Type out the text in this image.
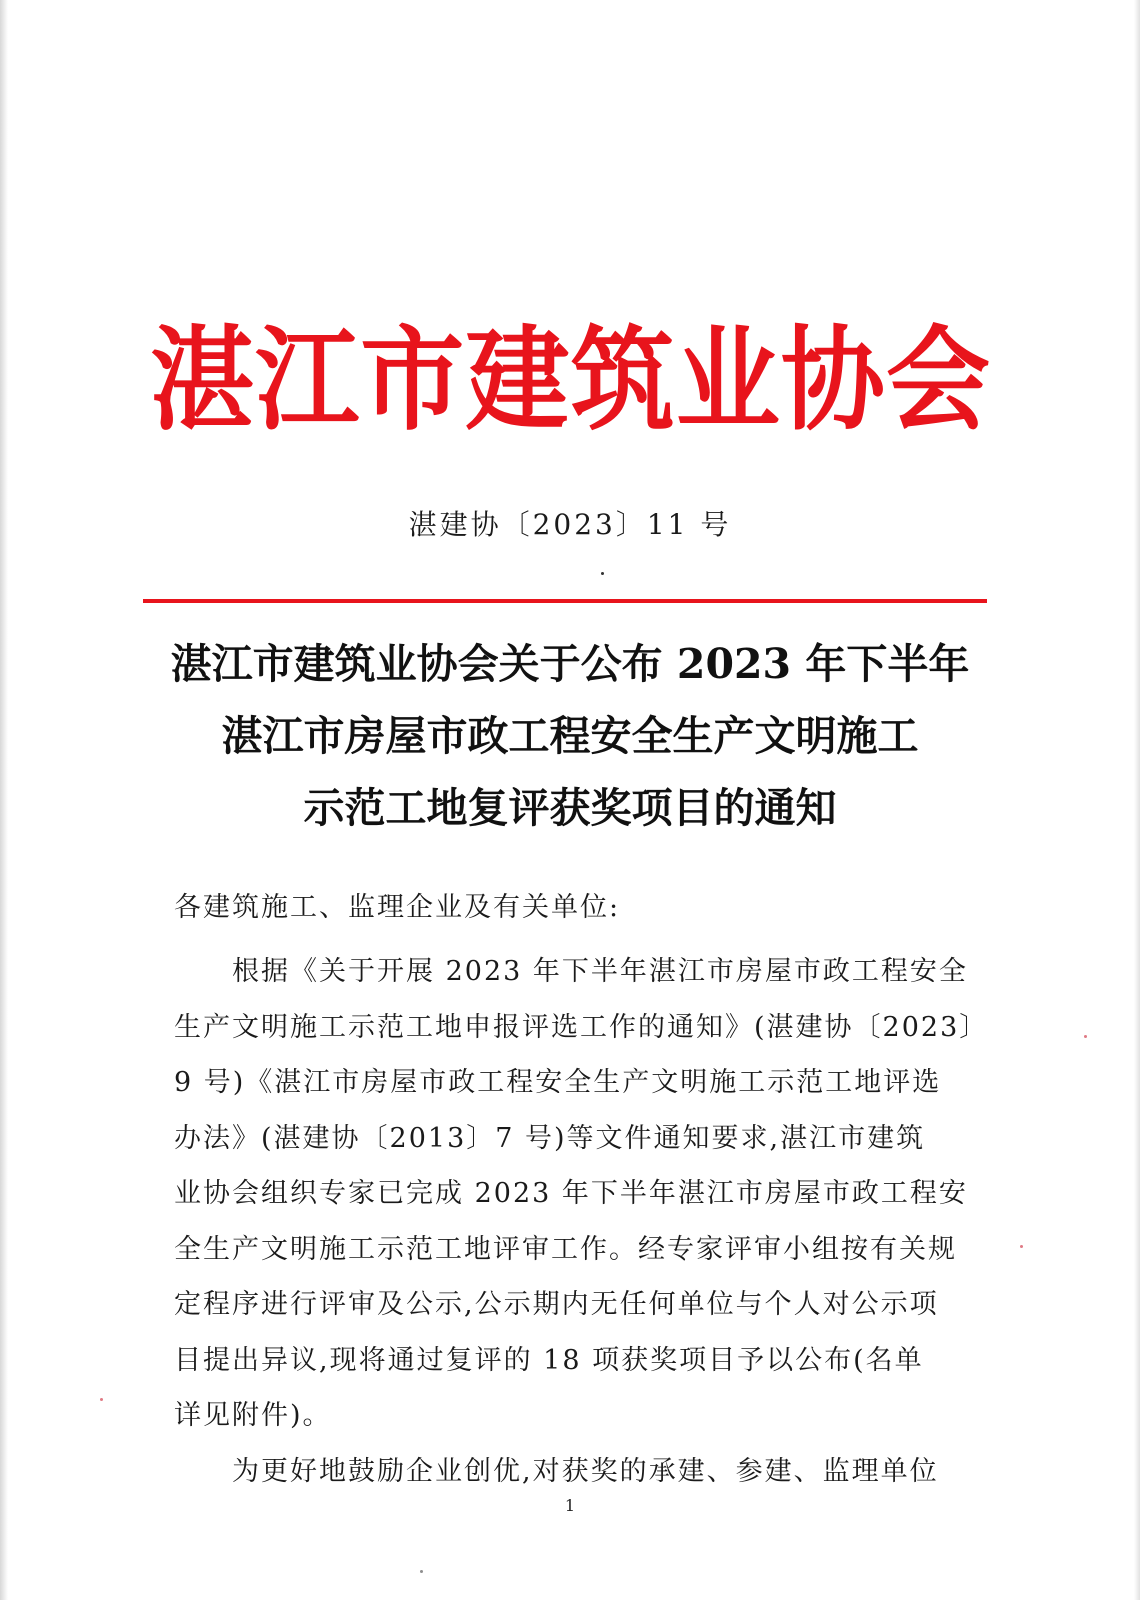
湛 江 市 建 筑 业 协 会
湛建协〔2023〕11 号
湛江市建筑业协会关于公布 2023 年下半年
湛江市房屋市政工程安全生产文明施工
示范工地复评获奖项目的通知
各建筑施工、监理企业及有关单位:
根据《关于开展 2023 年下半年湛江市房屋市政工程安全
生产文明施工示范工地申报评选工作的通知》(湛建协〔2023〕
9 号)《湛江市房屋市政工程安全生产文明施工示范工地评选
办法》(湛建协〔2013〕7 号)等文件通知要求,湛江市建筑
业协会组织专家已完成 2023 年下半年湛江市房屋市政工程安
全生产文明施工示范工地评审工作。经专家评审小组按有关规
定程序进行评审及公示,公示期内无任何单位与个人对公示项
目提出异议,现将通过复评的 18 项获奖项目予以公布(名单
详见附件)。
为更好地鼓励企业创优,对获奖的承建、参建、监理单位
1
